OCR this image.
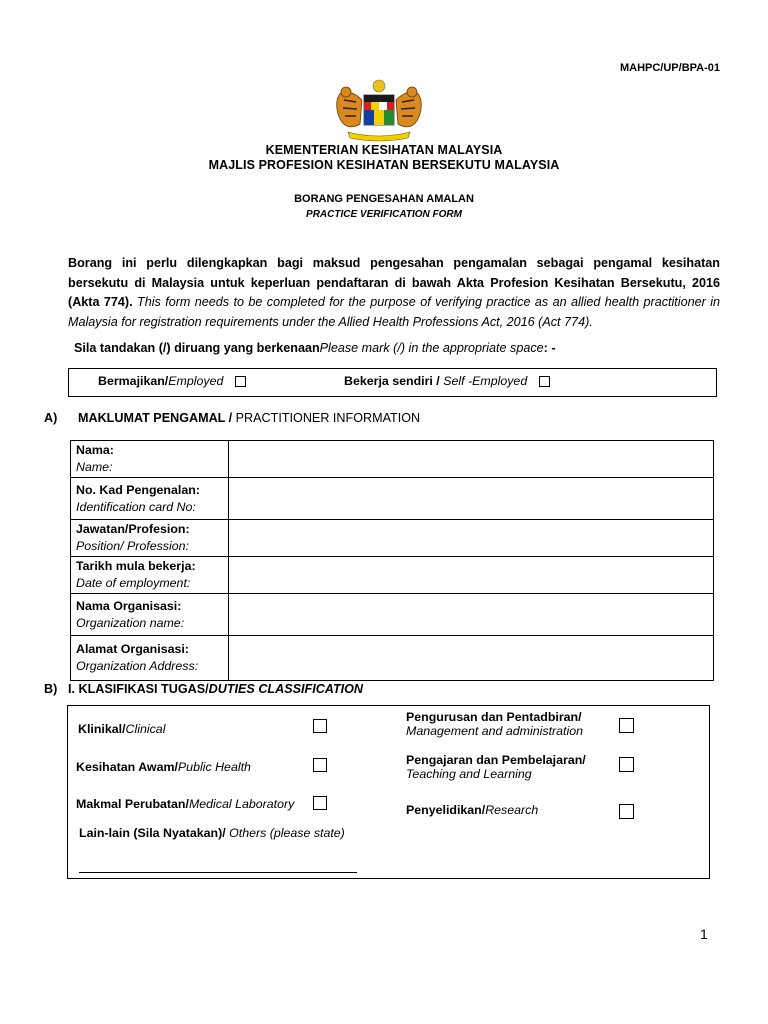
MAHPC/UP/BPA-01
KEMENTERIAN KESIHATAN MALAYSIA
MAJLIS PROFESION KESIHATAN BERSEKUTU MALAYSIA
BORANG PENGESAHAN AMALAN
PRACTICE VERIFICATION FORM
Borang ini perlu dilengkapkan bagi maksud pengesahan pengamalan sebagai pengamal kesihatan bersekutu di Malaysia untuk keperluan pendaftaran di bawah Akta Profesion Kesihatan Bersekutu, 2016 (Akta 774). This form needs to be completed for the purpose of verifying practice as an allied health practitioner in Malaysia for registration requirements under the Allied Health Professions Act, 2016 (Act 774).
Sila tandakan (/) diruang yang berkenaanPlease mark (/) in the appropriate space: -
Bermajikan/Employed	Bekerja sendiri / Self -Employed
A) MAKLUMAT PENGAMAL / PRACTITIONER INFORMATION
Nama:
Name:	

No. Kad Pengenalan:
Identification card No:	

Jawatan/Profesion:
Position/ Profession:	

Tarikh mula bekerja:
Date of employment:	

Nama Organisasi:
Organization name:	

Alamat Organisasi:
Organization Address:	

B) I. KLASIFIKASI TUGAS/DUTIES CLASSIFICATION
Klinikal/Clinical
Kesihatan Awam/Public Health
Makmal Perubatan/Medical Laboratory
Lain-lain (Sila Nyatakan)/ Others (please state)
Pengurusan dan Pentadbiran/
Management and administration
Pengajaran dan Pembelajaran/
Teaching and Learning
Penyelidikan/Research
1
